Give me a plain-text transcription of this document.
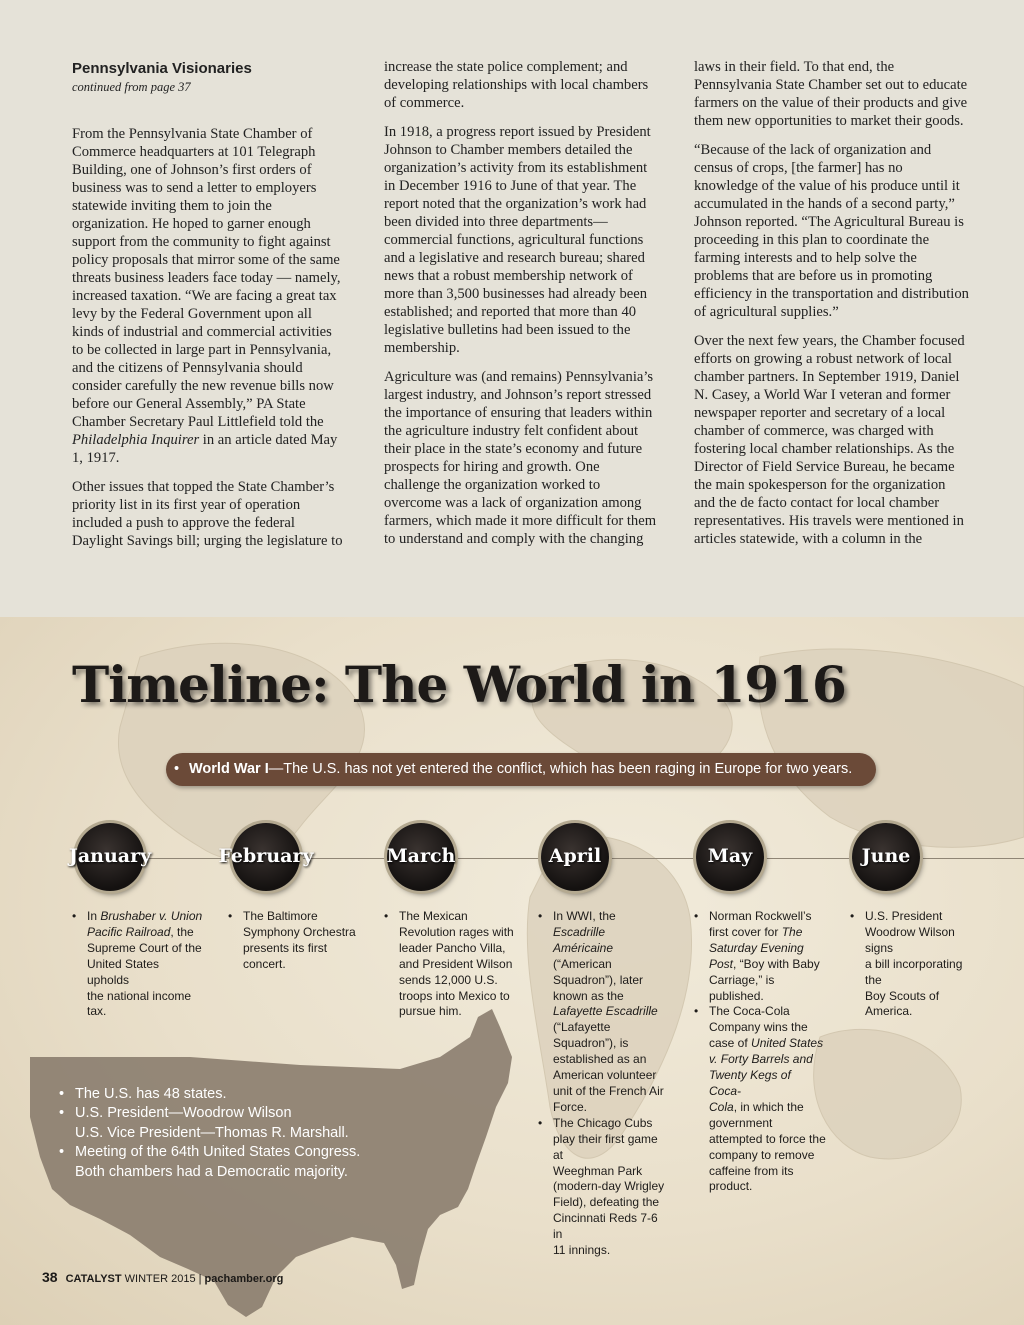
Pennsylvania Visionaries
continued from page 37

From the Pennsylvania State Chamber of
Commerce headquarters at 101 Telegraph
Building, one of Johnson’s first orders of
business was to send a letter to employers
statewide inviting them to join the
organization. He hoped to garner enough
support from the community to fight against
policy proposals that mirror some of the same
threats business leaders face today — namely,
increased taxation. “We are facing a great tax
levy by the Federal Government upon all
kinds of industrial and commercial activities
to be collected in large part in Pennsylvania,
and the citizens of Pennsylvania should
consider carefully the new revenue bills now
before our General Assembly,” PA State
Chamber Secretary Paul Littlefield told the
Philadelphia Inquirer in an article dated May
1, 1917.

Other issues that topped the State Chamber’s
priority list in its first year of operation
included a push to approve the federal
Daylight Savings bill; urging the legislature to

increase the state police complement; and
developing relationships with local chambers
of commerce.

In 1918, a progress report issued by President
Johnson to Chamber members detailed the
organization’s activity from its establishment
in December 1916 to June of that year. The
report noted that the organization’s work had
been divided into three departments—
commercial functions, agricultural functions
and a legislative and research bureau; shared
news that a robust membership network of
more than 3,500 businesses had already been
established; and reported that more than 40
legislative bulletins had been issued to the
membership.

Agriculture was (and remains) Pennsylvania’s
largest industry, and Johnson’s report stressed
the importance of ensuring that leaders within
the agriculture industry felt confident about
their place in the state’s economy and future
prospects for hiring and growth. One
challenge the organization worked to
overcome was a lack of organization among
farmers, which made it more difficult for them
to understand and comply with the changing

laws in their field. To that end, the
Pennsylvania State Chamber set out to educate
farmers on the value of their products and give
them new opportunities to market their goods.

“Because of the lack of organization and
census of crops, [the farmer] has no
knowledge of the value of his produce until it
accumulated in the hands of a second party,”
Johnson reported. “The Agricultural Bureau is
proceeding in this plan to coordinate the
farming interests and to help solve the
problems that are before us in promoting
efficiency in the transportation and distribution
of agricultural supplies.”

Over the next few years, the Chamber focused
efforts on growing a robust network of local
chamber partners. In September 1919, Daniel
N. Casey, a World War I veteran and former
newspaper reporter and secretary of a local
chamber of commerce, was charged with
fostering local chamber relationships. As the
Director of Field Service Bureau, he became
the main spokesperson for the organization
and the de facto contact for local chamber
representatives. His travels were mentioned in
articles statewide, with a column in the

Timeline: The World in 1916
• World War I—The U.S. has not yet entered the conflict, which has been raging in Europe for two years.
January
• In Brushaber v. Union
Pacific Railroad, the
Supreme Court of the
United States upholds
the national income
tax.
February
• The Baltimore
Symphony Orchestra
presents its first
concert.
March
• The Mexican
Revolution rages with
leader Pancho Villa,
and President Wilson
sends 12,000 U.S.
troops into Mexico to
pursue him.
April
• In WWI, the Escadrille
Américaine (“American
Squadron”), later
known as the
Lafayette Escadrille
(“Lafayette
Squadron”), is
established as an
American volunteer
unit of the French Air
Force.
• The Chicago Cubs
play their first game at
Weeghman Park
(modern-day Wrigley
Field), defeating the
Cincinnati Reds 7-6 in
11 innings.
May
• Norman Rockwell’s
first cover for The
Saturday Evening
Post, “Boy with Baby
Carriage,” is
published.
• The Coca-Cola
Company wins the
case of United States
v. Forty Barrels and
Twenty Kegs of Coca-
Cola, in which the
government
attempted to force the
company to remove
caffeine from its
product.
June
• U.S. President
Woodrow Wilson signs
a bill incorporating the
Boy Scouts of
America.
• The U.S. has 48 states.
• U.S. President—Woodrow Wilson
U.S. Vice President—Thomas R. Marshall.
• Meeting of the 64th United States Congress.
Both chambers had a Democratic majority.
38 CATALYST WINTER 2015 | pachamber.org
